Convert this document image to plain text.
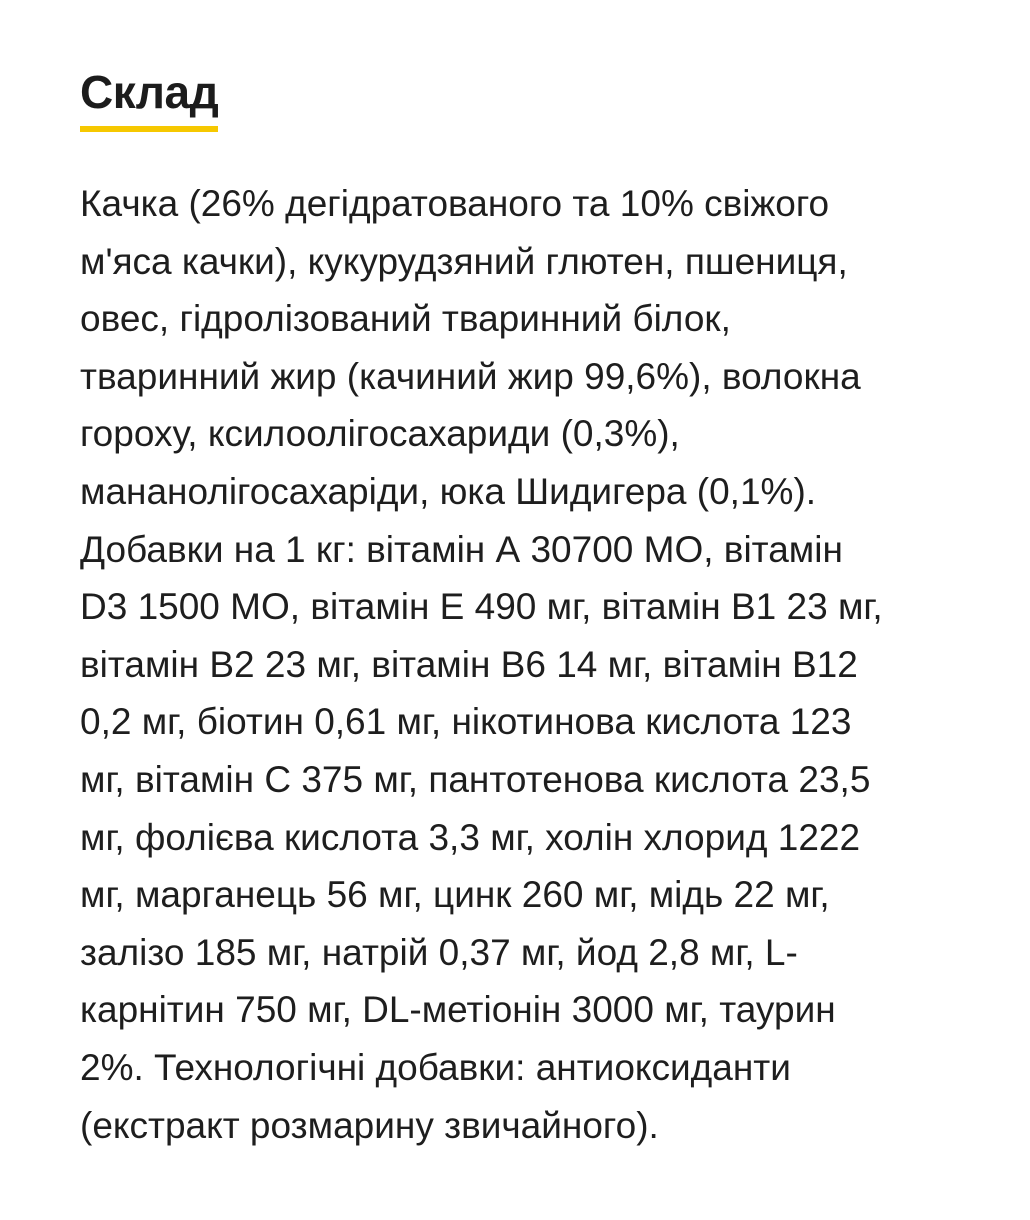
Склад
Качка (26% дегідратованого та 10% свіжого
м'яса качки), кукурудзяний глютен, пшениця,
овес, гідролізований тваринний білок,
тваринний жир (качиний жир 99,6%), волокна
гороху, ксилоолігосахариди (0,3%),
мананолігосахаріди, юка Шидигера (0,1%).
Добавки на 1 кг: вітамін А 30700 МО, вітамін
D3 1500 МО, вітамін Е 490 мг, вітамін B1 23 мг,
вітамін B2 23 мг, вітамін B6 14 мг, вітамін B12
0,2 мг, біотин 0,61 мг, нікотинова кислота 123
мг, вітамін С 375 мг, пантотенова кислота 23,5
мг, фолієва кислота 3,3 мг, холін хлорид 1222
мг, марганець 56 мг, цинк 260 мг, мідь 22 мг,
залізо 185 мг, натрій 0,37 мг, йод 2,8 мг, L-
карнітин 750 мг, DL-метіонін 3000 мг, таурин
2%. Технологічні добавки: антиоксиданти
(екстракт розмарину звичайного).
